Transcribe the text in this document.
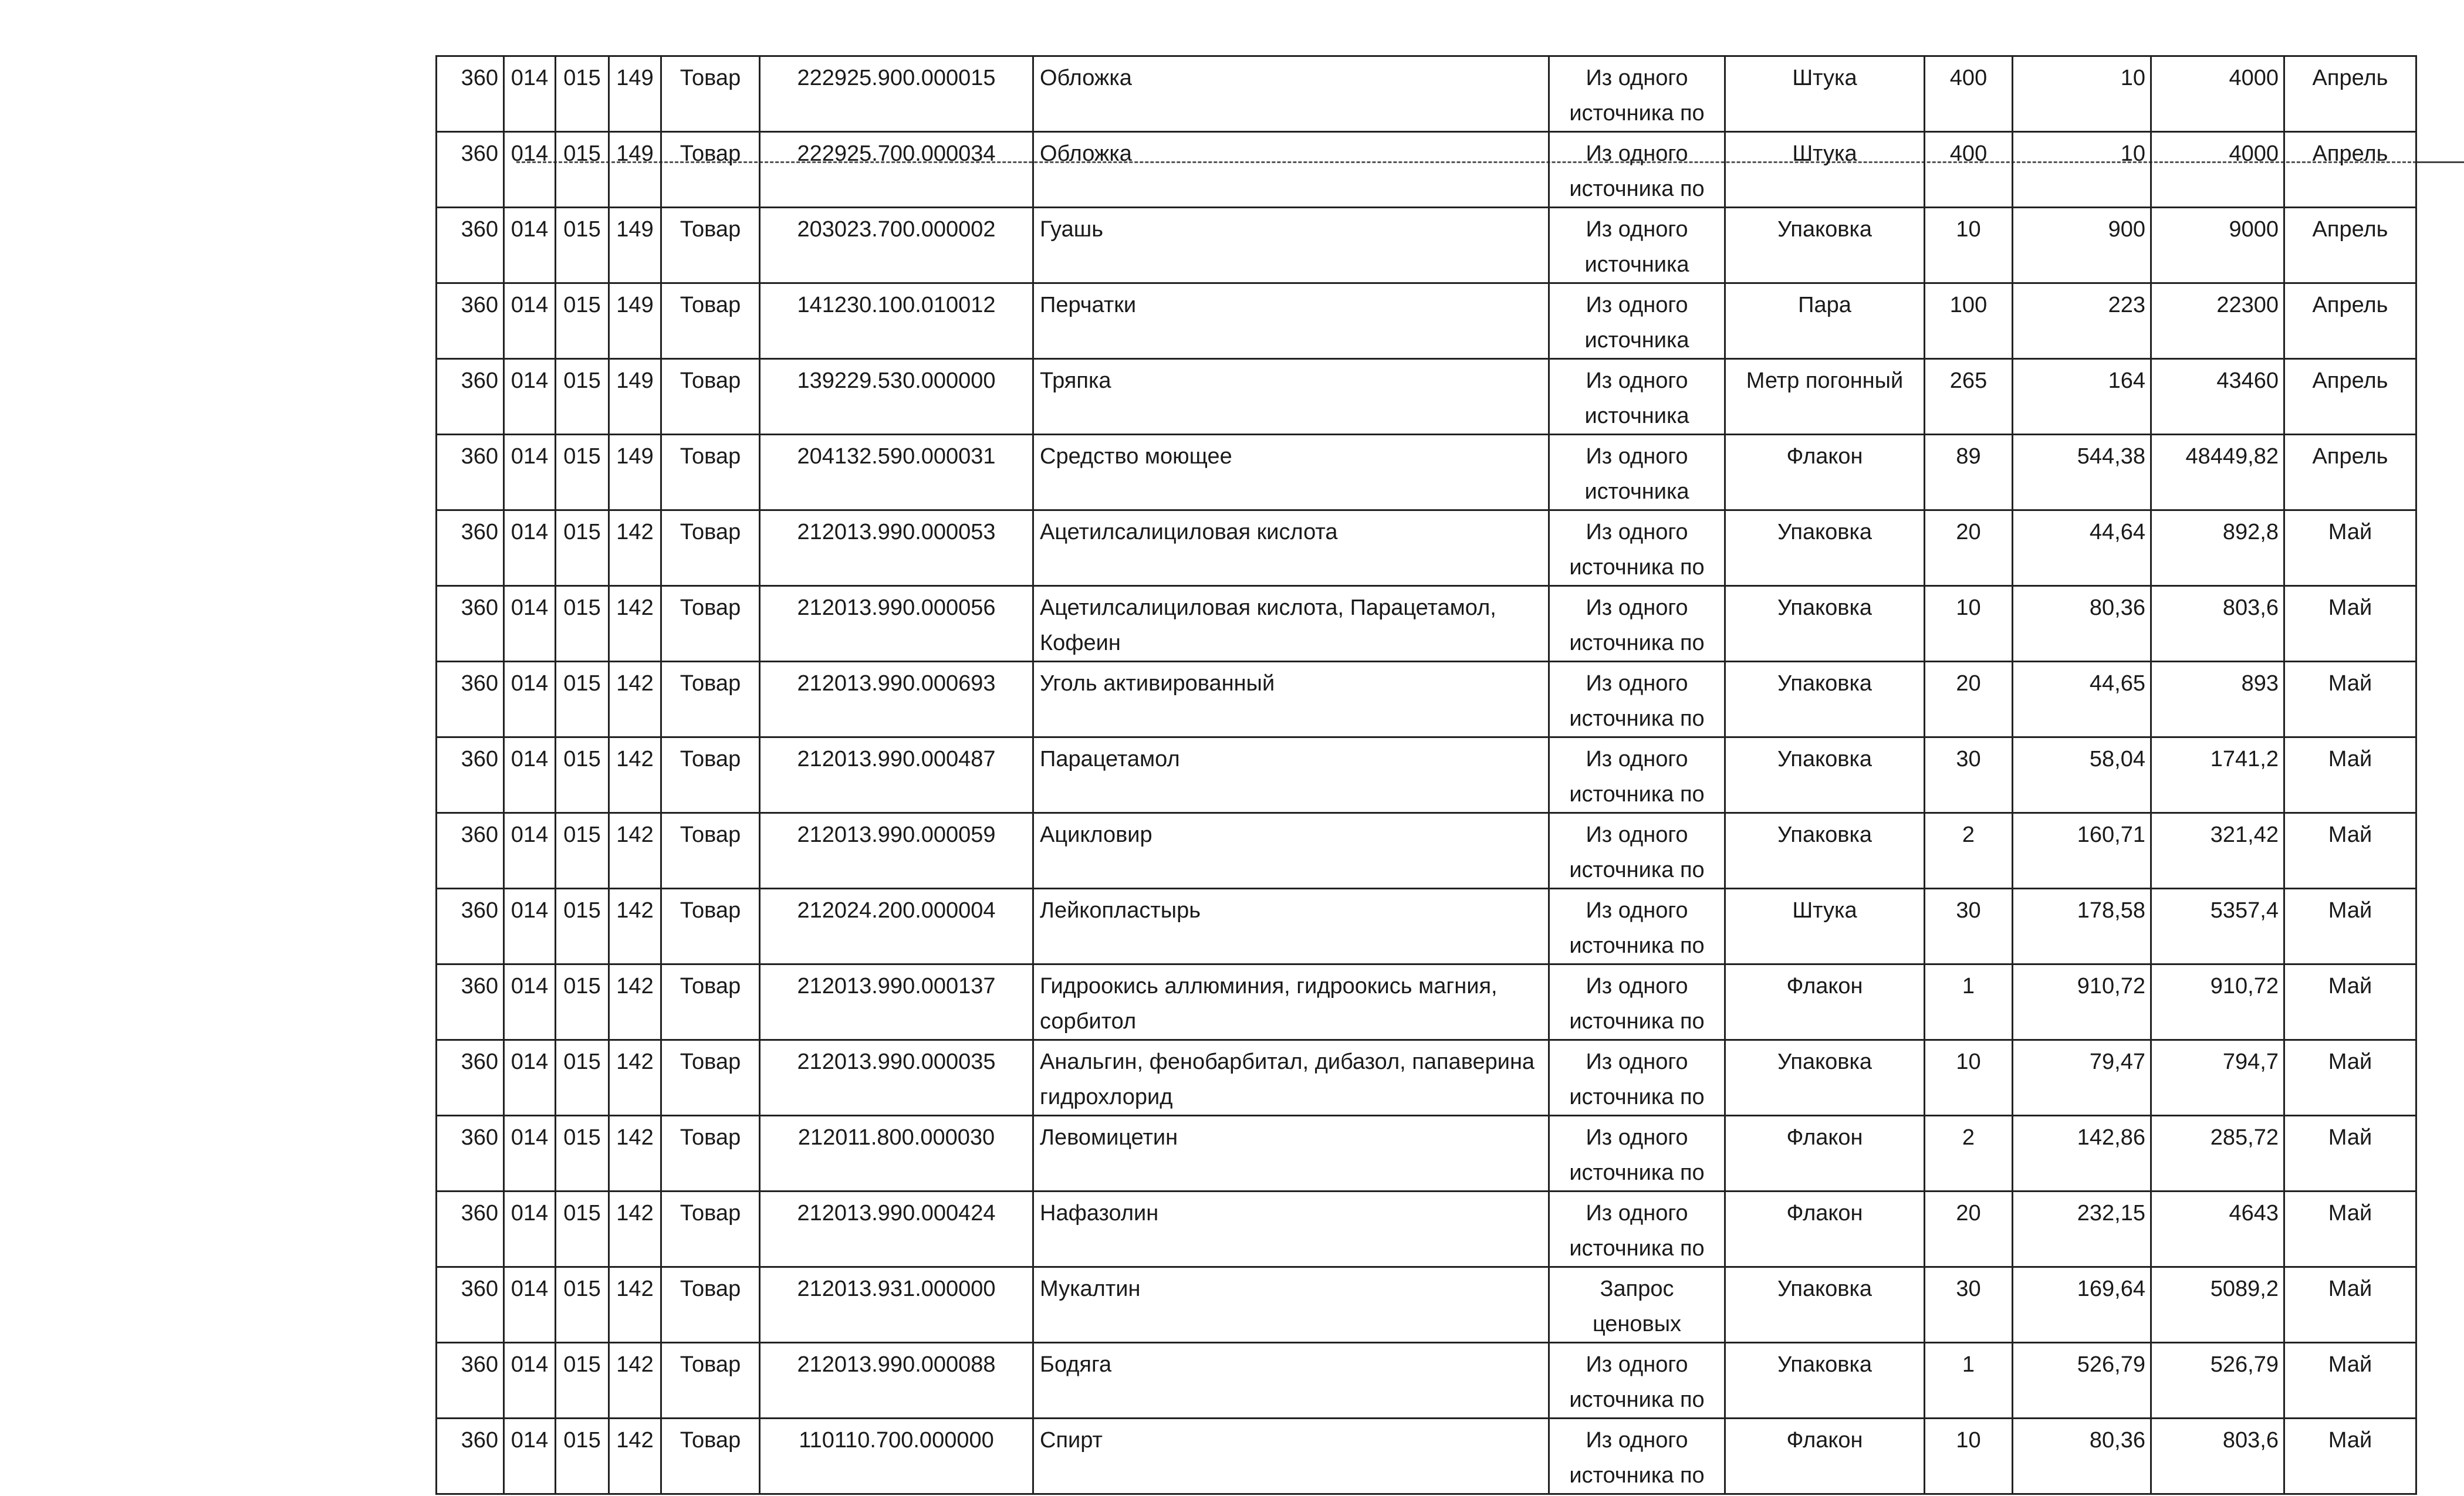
360	014	015	149	Товар	222925.900.000015	Обложка	Из одного источника по	Штука	400	10	4000	Апрель

360	014	015	149	Товар	222925.700.000034	Обложка	Из одного источника по	Штука	400	10	4000	Апрель

360	014	015	149	Товар	203023.700.000002	Гуашь	Из одного источника	Упаковка	10	900	9000	Апрель

360	014	015	149	Товар	141230.100.010012	Перчатки	Из одного источника	Пара	100	223	22300	Апрель

360	014	015	149	Товар	139229.530.000000	Тряпка	Из одного источника	Метр погонный	265	164	43460	Апрель

360	014	015	149	Товар	204132.590.000031	Средство моющее	Из одного источника	Флакон	89	544,38	48449,82	Апрель

360	014	015	142	Товар	212013.990.000053	Ацетилсалициловая кислота	Из одного источника по	Упаковка	20	44,64	892,8	Май

360	014	015	142	Товар	212013.990.000056	Ацетилсалициловая кислота, Парацетамол, Кофеин	Из одного источника по	Упаковка	10	80,36	803,6	Май

360	014	015	142	Товар	212013.990.000693	Уголь активированный	Из одного источника по	Упаковка	20	44,65	893	Май

360	014	015	142	Товар	212013.990.000487	Парацетамол	Из одного источника по	Упаковка	30	58,04	1741,2	Май

360	014	015	142	Товар	212013.990.000059	Ацикловир	Из одного источника по	Упаковка	2	160,71	321,42	Май

360	014	015	142	Товар	212024.200.000004	Лейкопластырь	Из одного источника по	Штука	30	178,58	5357,4	Май

360	014	015	142	Товар	212013.990.000137	Гидроокись аллюминия, гидроокись магния, сорбитол	Из одного источника по	Флакон	1	910,72	910,72	Май

360	014	015	142	Товар	212013.990.000035	Анальгин, фенобарбитал, дибазол, папаверина гидрохлорид	Из одного источника по	Упаковка	10	79,47	794,7	Май

360	014	015	142	Товар	212011.800.000030	Левомицетин	Из одного источника по	Флакон	2	142,86	285,72	Май

360	014	015	142	Товар	212013.990.000424	Нафазолин	Из одного источника по	Флакон	20	232,15	4643	Май

360	014	015	142	Товар	212013.931.000000	Мукалтин	Запрос ценовых	Упаковка	30	169,64	5089,2	Май

360	014	015	142	Товар	212013.990.000088	Бодяга	Из одного источника по	Упаковка	1	526,79	526,79	Май

360	014	015	142	Товар	110110.700.000000	Спирт	Из одного источника по	Флакон	10	80,36	803,6	Май
